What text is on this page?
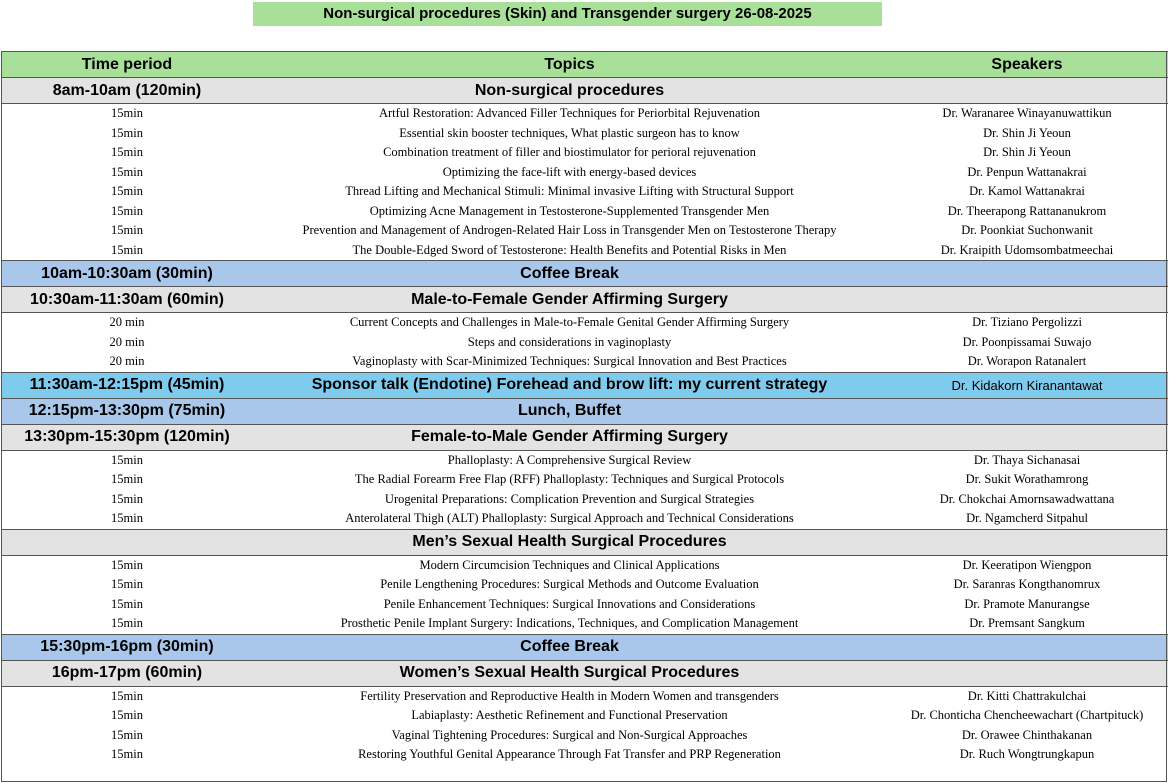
Non-surgical procedures (Skin) and Transgender surgery 26-08-2025
Time period	Topics	Speakers
8am-10am (120min)	Non-surgical procedures	
15min	Artful Restoration: Advanced Filler Techniques for Periorbital Rejuvenation	Dr. Waranaree Winayanuwattikun
15min	Essential skin booster techniques, What plastic surgeon has to know	Dr. Shin Ji Yeoun
15min	Combination treatment of filler and biostimulator for perioral rejuvenation	Dr. Shin Ji Yeoun
15min	Optimizing the face-lift with energy-based devices	Dr. Penpun Wattanakrai
15min	Thread Lifting and Mechanical Stimuli: Minimal invasive Lifting with Structural Support	Dr. Kamol Wattanakrai
15min	Optimizing Acne Management in Testosterone-Supplemented Transgender Men	Dr. Theerapong Rattananukrom
15min	Prevention and Management of Androgen-Related Hair Loss in Transgender Men on Testosterone Therapy	Dr. Poonkiat Suchonwanit
15min	The Double-Edged Sword of Testosterone: Health Benefits and Potential Risks in Men	Dr. Kraipith Udomsombatmeechai
10am-10:30am (30min)	Coffee Break	
10:30am-11:30am (60min)	Male-to-Female Gender Affirming Surgery	
20 min	Current Concepts and Challenges in Male-to-Female Genital Gender Affirming Surgery	Dr. Tiziano Pergolizzi
20 min	Steps and considerations in vaginoplasty	Dr. Poonpissamai Suwajo
20 min	Vaginoplasty with Scar-Minimized Techniques: Surgical Innovation and Best Practices	Dr. Worapon Ratanalert
11:30am-12:15pm (45min)	Sponsor talk (Endotine) Forehead and brow lift: my current strategy	Dr. Kidakorn Kiranantawat
12:15pm-13:30pm (75min)	Lunch, Buffet	
13:30pm-15:30pm (120min)	Female-to-Male Gender Affirming Surgery	
15min	Phalloplasty: A Comprehensive Surgical Review	Dr. Thaya Sichanasai
15min	The Radial Forearm Free Flap (RFF) Phalloplasty: Techniques and Surgical Protocols	Dr. Sukit Worathamrong
15min	Urogenital Preparations: Complication Prevention and Surgical Strategies	Dr. Chokchai Amornsawadwattana
15min	Anterolateral Thigh (ALT) Phalloplasty: Surgical Approach and Technical Considerations	Dr. Ngamcherd Sitpahul
	Men’s Sexual Health Surgical Procedures	
15min	Modern Circumcision Techniques and Clinical Applications	Dr. Keeratipon Wiengpon
15min	Penile Lengthening Procedures: Surgical Methods and Outcome Evaluation	Dr. Saranras Kongthanomrux
15min	Penile Enhancement Techniques: Surgical Innovations and Considerations	Dr. Pramote Manurangse
15min	Prosthetic Penile Implant Surgery: Indications, Techniques, and Complication Management	Dr. Premsant Sangkum
15:30pm-16pm (30min)	Coffee Break	
16pm-17pm (60min)	Women’s Sexual Health Surgical Procedures	
15min	Fertility Preservation and Reproductive Health in Modern Women and transgenders	Dr. Kitti Chattrakulchai
15min	Labiaplasty: Aesthetic Refinement and Functional Preservation	Dr. Chonticha Chencheewachart (Chartpituck)
15min	Vaginal Tightening Procedures: Surgical and Non-Surgical Approaches	Dr. Orawee Chinthakanan
15min	Restoring Youthful Genital Appearance Through Fat Transfer and PRP Regeneration	Dr. Ruch Wongtrungkapun
